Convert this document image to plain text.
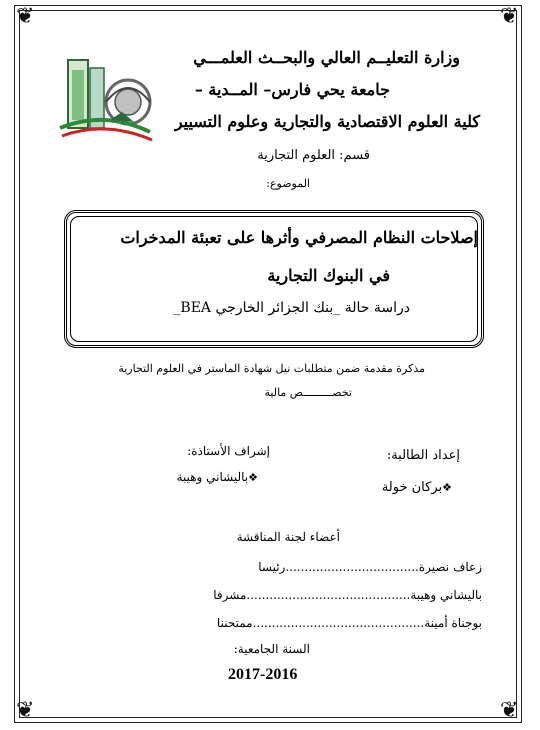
❦	❦
❦	❦
وزارة التعليــم العالي والبحــث العلمـــي
جامعة يحي فارس– المــدية –
كلية العلوم الاقتصادية والتجارية وعلوم التسيير
قسم: العلوم التجارية
الموضوع:
إصلاحات النظام المصرفي وأثرها على تعبئة المدخرات
في البنوك التجارية
دراسة حالة _بنك الجزائر الخارجي BEA_
مذكرة مقدمة ضمن متطلبات نيل شهادة الماستر في العلوم التجارية
تخصـــــــــص مالية
إعداد الطالبة:
❖بركان خولة
إشراف الأستاذة:
❖باليشاني وهيبة
أعضاء لجنة المناقشة
زعاف نصيرة...................................رئيسا
باليشاني وهيبة...........................................مشرفا
بوجناة أمينة.............................................ممتحننا
السنة الجامعية:
2017-2016
